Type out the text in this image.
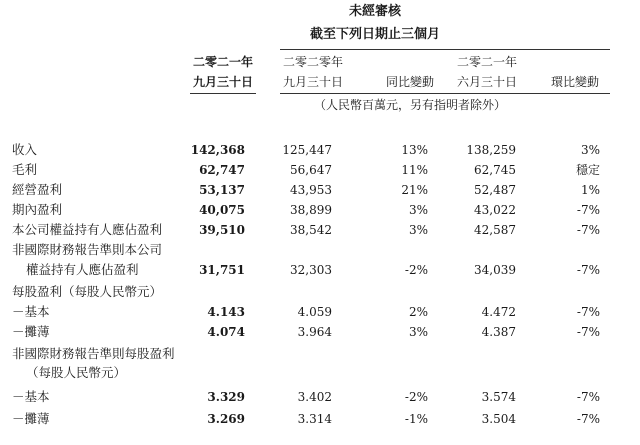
未經審核
截至下列日期止三個月
二零二一年
九月三十日
二零二零年
九月三十日	同比變動
二零二一年
六月三十日	環比變動
（人民幣百萬元，另有指明者除外）
收入	142,368	125,447	13%	138,259	3%
毛利	62,747	56,647	11%	62,745	穩定
經營盈利	53,137	43,953	21%	52,487	1%
期內盈利	40,075	38,899	3%	43,022	-7%
本公司權益持有人應佔盈利	39,510	38,542	3%	42,587	-7%
非國際財務報告準則本公司
權益持有人應佔盈利	31,751	32,303	-2%	34,039	-7%
每股盈利（每股人民幣元）
－基本	4.143	4.059	2%	4.472	-7%
－攤薄	4.074	3.964	3%	4.387	-7%
非國際財務報告準則每股盈利
（每股人民幣元）
－基本	3.329	3.402	-2%	3.574	-7%
－攤薄	3.269	3.314	-1%	3.504	-7%
